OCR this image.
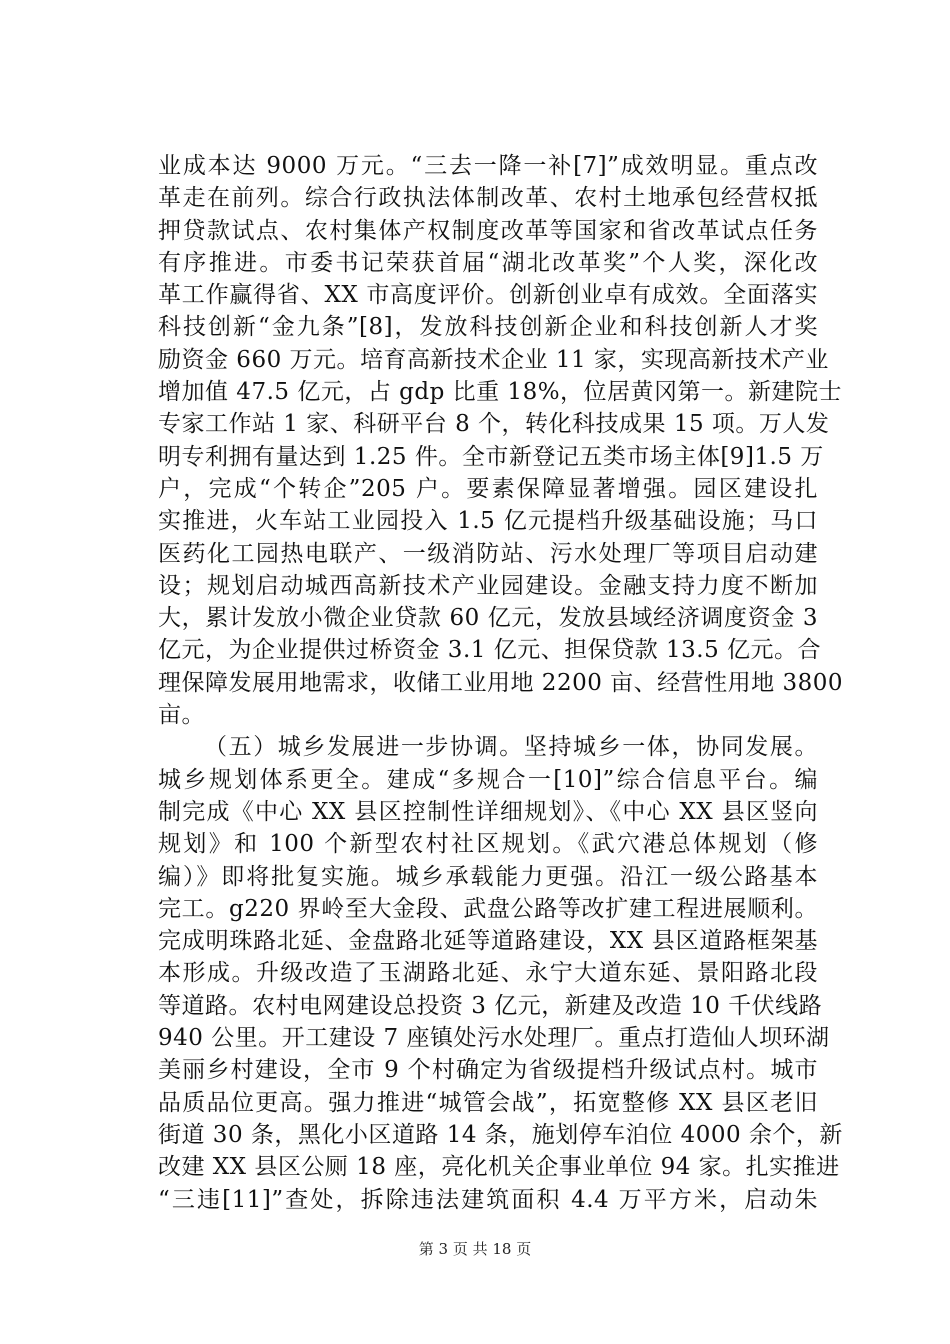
业成本达 9000 万元。“三去一降一补[7]”成效明显。重点改
革走在前列。综合行政执法体制改革、农村土地承包经营权抵
押贷款试点、农村集体产权制度改革等国家和省改革试点任务
有序推进。市委书记荣获首届“湖北改革奖”个人奖，深化改
革工作赢得省、XX 市高度评价。创新创业卓有成效。全面落实
科技创新“金九条”[8]，发放科技创新企业和科技创新人才奖
励资金 660 万元。培育高新技术企业 11 家，实现高新技术产业
增加值 47.5 亿元，占 gdp 比重 18%，位居黄冈第一。新建院士
专家工作站 1 家、科研平台 8 个，转化科技成果 15 项。万人发
明专利拥有量达到 1.25 件。全市新登记五类市场主体[9]1.5 万
户，完成“个转企”205 户。要素保障显著增强。园区建设扎
实推进，火车站工业园投入 1.5 亿元提档升级基础设施；马口
医药化工园热电联产、一级消防站、污水处理厂等项目启动建
设；规划启动城西高新技术产业园建设。金融支持力度不断加
大，累计发放小微企业贷款 60 亿元，发放县域经济调度资金 3
亿元，为企业提供过桥资金 3.1 亿元、担保贷款 13.5 亿元。合
理保障发展用地需求，收储工业用地 2200 亩、经营性用地 3800
亩。
（五）城乡发展进一步协调。坚持城乡一体，协同发展。
城乡规划体系更全。建成“多规合一[10]”综合信息平台。编
制完成《中心 XX 县区控制性详细规划》、《中心 XX 县区竖向
规划》和 100 个新型农村社区规划。《武穴港总体规划（修
编）》即将批复实施。城乡承载能力更强。沿江一级公路基本
完工。g220 界岭至大金段、武盘公路等改扩建工程进展顺利。
完成明珠路北延、金盘路北延等道路建设，XX 县区道路框架基
本形成。升级改造了玉湖路北延、永宁大道东延、景阳路北段
等道路。农村电网建设总投资 3 亿元，新建及改造 10 千伏线路
940 公里。开工建设 7 座镇处污水处理厂。重点打造仙人坝环湖
美丽乡村建设，全市 9 个村确定为省级提档升级试点村。城市
品质品位更高。强力推进“城管会战”，拓宽整修 XX 县区老旧
街道 30 条，黑化小区道路 14 条，施划停车泊位 4000 余个，新
改建 XX 县区公厕 18 座，亮化机关企事业单位 94 家。扎实推进
“三违[11]”查处，拆除违法建筑面积 4.4 万平方米，启动朱
第 3 页 共 18 页
